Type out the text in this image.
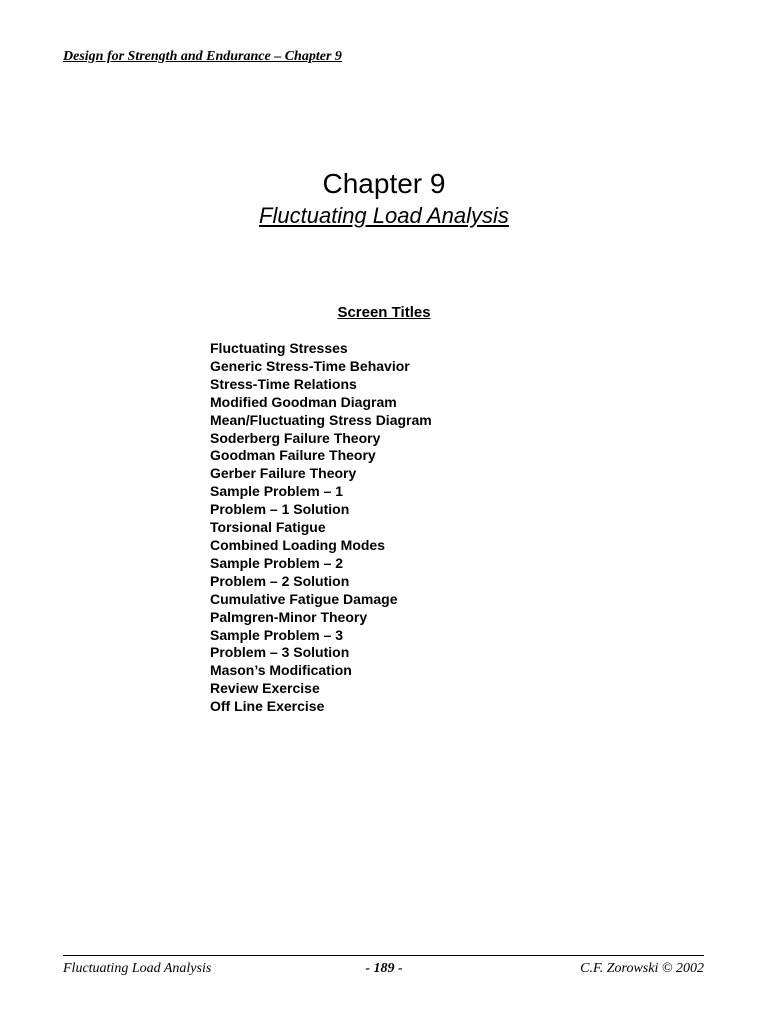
Design for Strength and Endurance – Chapter 9
Chapter 9
Fluctuating Load Analysis
Screen Titles
Fluctuating Stresses
Generic Stress-Time Behavior
Stress-Time Relations
Modified Goodman Diagram
Mean/Fluctuating Stress Diagram
Soderberg Failure Theory
Goodman Failure Theory
Gerber Failure Theory
Sample Problem – 1
Problem – 1 Solution
Torsional Fatigue
Combined Loading Modes
Sample Problem – 2
Problem – 2 Solution
Cumulative Fatigue Damage
Palmgren-Minor Theory
Sample Problem – 3
Problem – 3 Solution
Mason’s Modification
Review Exercise
Off Line Exercise
Fluctuating Load Analysis	- 189 -	C.F. Zorowski © 2002
